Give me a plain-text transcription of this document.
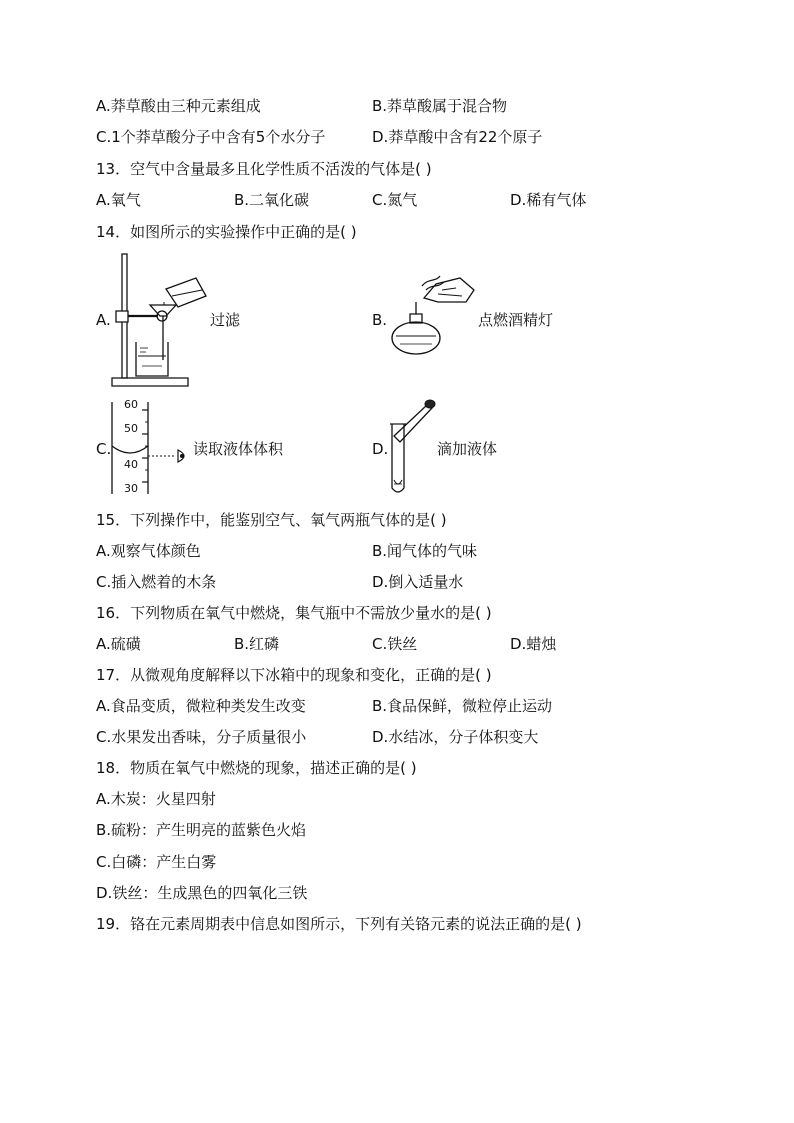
A.莽草酸由三种元素组成	B.莽草酸属于混合物
C.1个莽草酸分子中含有5个水分子	D.莽草酸中含有22个原子
13．空气中含量最多且化学性质不活泼的气体是( )
A.氧气	B.二氧化碳	C.氮气	D.稀有气体
14．如图所示的实验操作中正确的是( )
A.	过滤	B.	点燃酒精灯
C.
60
50
40
30
读取液体体积	D.	滴加液体
15．下列操作中，能鉴别空气、氧气两瓶气体的是( )
A.观察气体颜色	B.闻气体的气味
C.插入燃着的木条	D.倒入适量水
16．下列物质在氧气中燃烧，集气瓶中不需放少量水的是( )
A.硫磺	B.红磷	C.铁丝	D.蜡烛
17．从微观角度解释以下冰箱中的现象和变化，正确的是( )
A.食品变质，微粒种类发生改变	B.食品保鲜，微粒停止运动
C.水果发出香味，分子质量很小	D.水结冰，分子体积变大
18．物质在氧气中燃烧的现象，描述正确的是( )
A.木炭：火星四射
B.硫粉：产生明亮的蓝紫色火焰
C.白磷：产生白雾
D.铁丝：生成黑色的四氧化三铁
19．铬在元素周期表中信息如图所示，下列有关铬元素的说法正确的是( )
